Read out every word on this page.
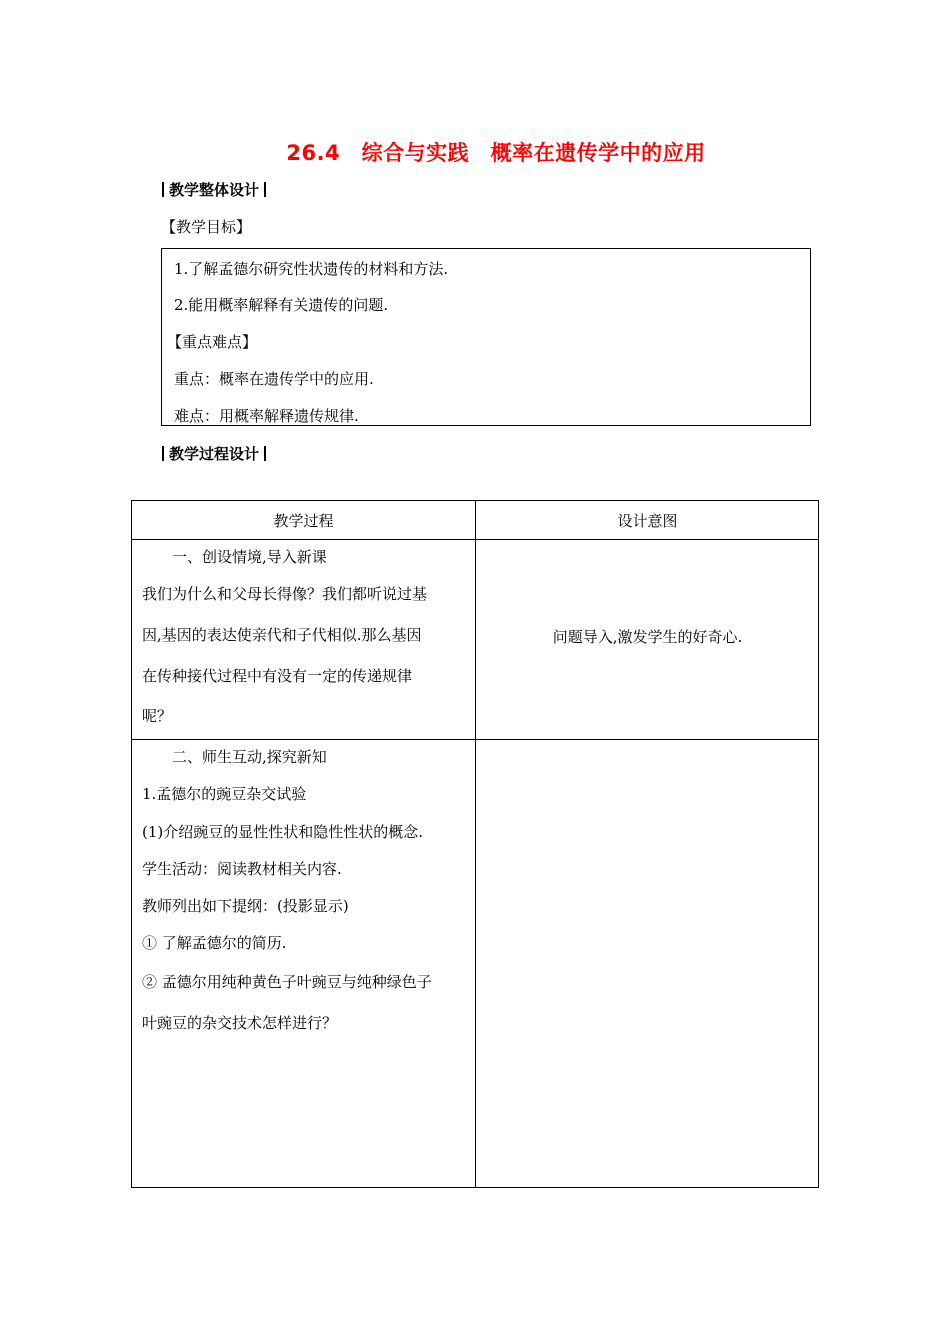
26.4　综合与实践　概率在遗传学中的应用
教学整体设计
【教学目标】
1.了解孟德尔研究性状遗传的材料和方法.
2.能用概率解释有关遗传的问题.
【重点难点】
重点：概率在遗传学中的应用.
难点：用概率解释遗传规律.
教学过程设计
教学过程	设计意图
一、创设情境,导入新课
我们为什么和父母长得像？我们都听说过基
因,基因的表达使亲代和子代相似.那么基因
在传种接代过程中有没有一定的传递规律
呢？
问题导入,激发学生的好奇心.
二、师生互动,探究新知
1.孟德尔的豌豆杂交试验
(1)介绍豌豆的显性性状和隐性性状的概念.
学生活动：阅读教材相关内容.
教师列出如下提纲：(投影显示)
① 了解孟德尔的简历.
② 孟德尔用纯种黄色子叶豌豆与纯种绿色子
叶豌豆的杂交技术怎样进行？
